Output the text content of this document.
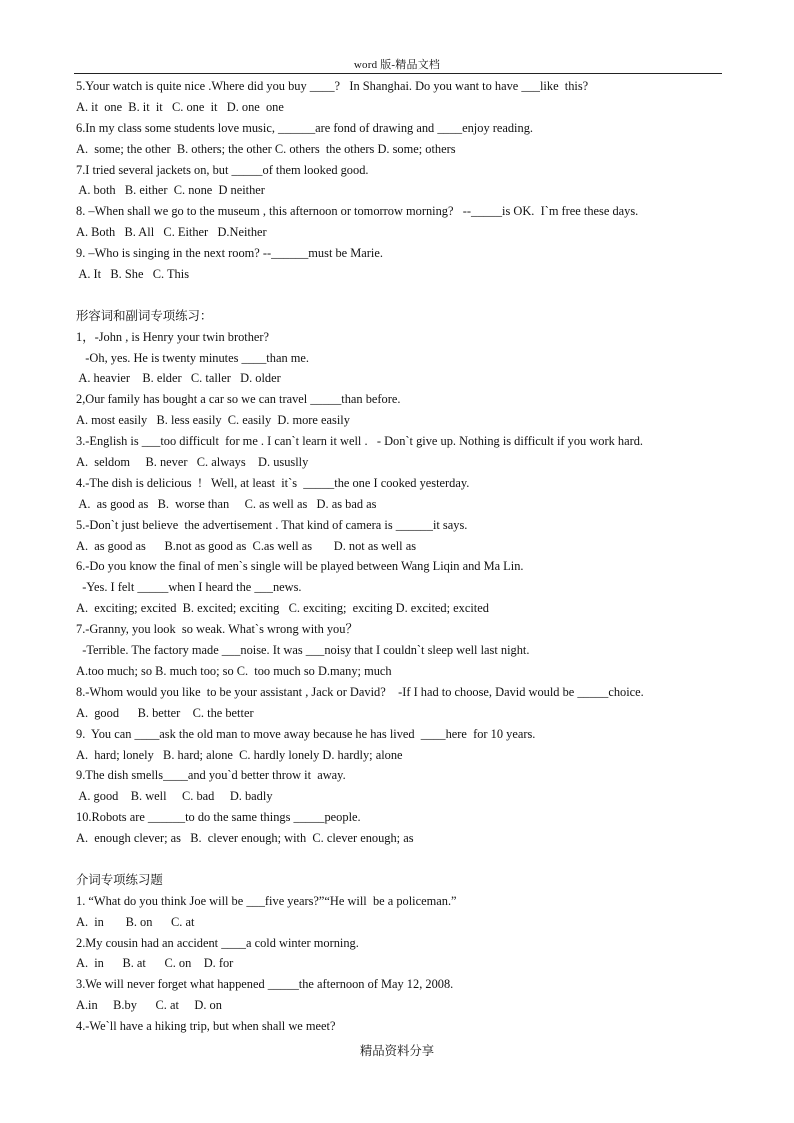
word 版-精品文档
5.Your watch is quite nice .Where did you buy ____?   In Shanghai. Do you want to have ___like  this?
A. it  one  B. it  it   C. one  it   D. one  one
6.In my class some students love music, ______are fond of drawing and ____enjoy reading.
A.  some; the other  B. others; the other C. others  the others D. some; others
7.I tried several jackets on, but _____of them looked good.
A. both   B. either  C. none  D neither
8. –When shall we go to the museum , this afternoon or tomorrow morning?   --_____is OK.  I`m free these days.
A. Both   B. All   C. Either   D.Neither
9. –Who is singing in the next room? --______must be Marie.
A. It   B. She   C. This
形容词和副词专项练习：
1，-John , is Henry your twin brother?
-Oh, yes. He is twenty minutes ____than me.
A. heavier    B. elder   C. taller   D. older
2,Our family has bought a car so we can travel _____than before.
A. most easily   B. less easily  C. easily  D. more easily
3.-English is ___too difficult  for me . I can`t learn it well .   - Don`t give up. Nothing is difficult if you work hard.
A.  seldom     B. never   C. always    D. ususlly
4.-The dish is delicious  !   Well, at least  it`s  _____the one I cooked yesterday.
A.  as good as   B.  worse than     C. as well as   D. as bad as
5.-Don`t just believe  the advertisement . That kind of camera is ______it says.
A.  as good as      B.not as good as  C.as well as       D. not as well as
6.-Do you know the final of men`s single will be played between Wang Liqin and Ma Lin.
-Yes. I felt _____when I heard the ___news.
A.  exciting; excited  B. excited; exciting   C. exciting;  exciting D. excited; excited
7.-Granny, you look  so weak. What`s wrong with you？
-Terrible. The factory made ___noise. It was ___noisy that I couldn`t sleep well last night.
A.too much; so B. much too; so C.  too much so D.many; much
8.-Whom would you like  to be your assistant , Jack or David?    -If I had to choose, David would be _____choice.
A.  good      B. better    C. the better
9.  You can ____ask the old man to move away because he has lived  ____here  for 10 years.
A.  hard; lonely   B. hard; alone  C. hardly lonely D. hardly; alone
9.The dish smells____and you`d better throw it  away.
A. good    B. well     C. bad     D. badly
10.Robots are ______to do the same things _____people.
A.  enough clever; as   B.  clever enough; with  C. clever enough; as
介词专项练习题
1. “What do you think Joe will be ___five years?”“He will  be a policeman.”
A.  in       B. on      C. at
2.My cousin had an accident ____a cold winter morning.
A.  in      B. at      C. on    D. for
3.We will never forget what happened _____the afternoon of May 12, 2008.
A.in     B.by      C. at     D. on
4.-We`ll have a hiking trip, but when shall we meet?
精品资料分享
